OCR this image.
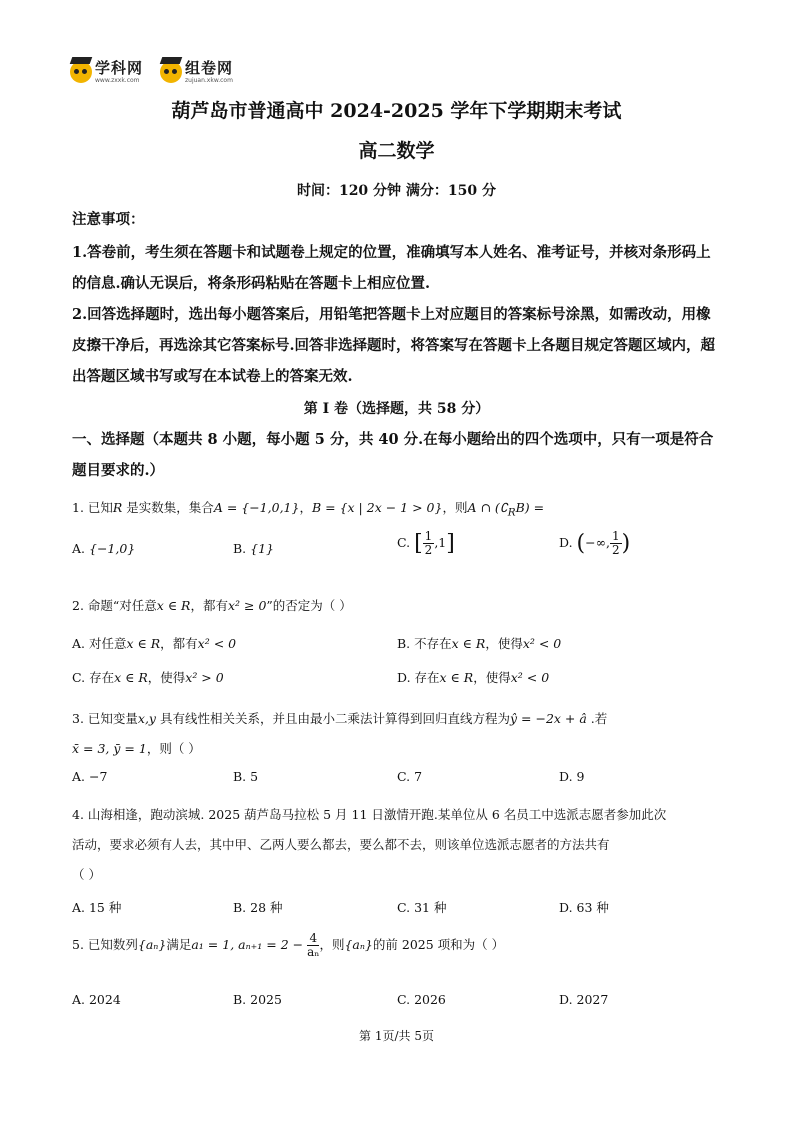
学科网
www.zxxk.com
组卷网
zujuan.xkw.com
葫芦岛市普通高中 2024-2025 学年下学期期末考试
高二数学
时间：120 分钟 满分：150 分
注意事项：
1.答卷前，考生须在答题卡和试题卷上规定的位置，准确填写本人姓名、准考证号，并核对条形码上的信息.确认无误后，将条形码粘贴在答题卡上相应位置.
2.回答选择题时，选出每小题答案后，用铅笔把答题卡上对应题目的答案标号涂黑，如需改动，用橡皮擦干净后，再选涂其它答案标号.回答非选择题时，将答案写在答题卡上各题目规定答题区域内，超出答题区域书写或写在本试卷上的答案无效.
第 I 卷（选择题，共 58 分）
一、选择题（本题共 8 小题，每小题 5 分，共 40 分.在每小题给出的四个选项中，只有一项是符合题目要求的.）
1. 已知R 是实数集，集合A = {−1,0,1}，B = {x | 2x − 1 > 0}，则A ∩ $(∁_RB)$ =
A. {−1,0}	B. {1}	C. [ $\frac{1}{2} ,1$]	D. (−∞, $\frac{1}{2}$ )
2. 命题“对任意x ∈ R，都有x² ≥ 0”的否定为（ ）
A. 对任意x ∈ R，都有x² < 0	B. 不存在x ∈ R，使得x² < 0
C. 存在x ∈ R，使得x² > 0	D. 存在x ∈ R，使得x² < 0
3. 已知变量x,y 具有线性相关关系，并且由最小二乘法计算得到回归直线方程为ŷ = −2x + â .若
x̄ = 3, ȳ = 1，则（ ）
A. −7	B. 5	C. 7	D. 9
4. 山海相逢，跑动滨城. 2025 葫芦岛马拉松 5 月 11 日激情开跑.某单位从 6 名员工中选派志愿者参加此次
活动，要求必须有人去，其中甲、乙两人要么都去，要么都不去，则该单位选派志愿者的方法共有
（ ）
A. 15 种	B. 28 种	C. 31 种	D. 63 种
5. 已知数列{aₙ}满足a₁ = 1, $a_{n+1} = 2 - \frac{4}{\text{aₙ}}$ ，则{aₙ}的前 2025 项和为（ ）
A. 2024	B. 2025	C. 2026	D. 2027
第 1页/共 5页
